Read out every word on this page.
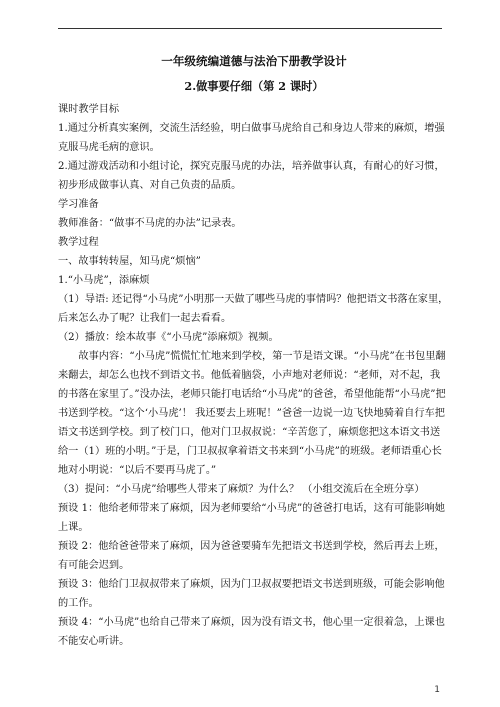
一年级统编道德与法治下册教学设计
2.做事要仔细（第 2 课时）
课时教学目标
1.通过分析真实案例，交流生活经验，明白做事马虎给自己和身边人带来的麻烦，增强克服马虎毛病的意识。
2.通过游戏活动和小组讨论，探究克服马虎的办法，培养做事认真，有耐心的好习惯，初步形成做事认真、对自己负责的品质。
学习准备
教师准备：“做事不马虎的办法”记录表。
教学过程
一、故事转转屋，知马虎“烦恼”
1.“小马虎”，添麻烦
（1）导语: 还记得“小马虎”小明那一天做了哪些马虎的事情吗？他把语文书落在家里，后来怎么办了呢？让我们一起去看看。
（2）播放：绘本故事《“小马虎”添麻烦》视频。
故事内容：“小马虎”慌慌忙忙地来到学校，第一节是语文课。“小马虎”在书包里翻来翻去，却怎么也找不到语文书。他低着脑袋，小声地对老师说：“老师，对不起，我的书落在家里了。”没办法，老师只能打电话给“小马虎”的爸爸，希望他能帮“小马虎”把书送到学校。“这个‘小马虎’！ 我还要去上班呢！”爸爸一边说一边飞快地骑着自行车把语文书送到学校。到了校门口，他对门卫叔叔说：“辛苦您了，麻烦您把这本语文书送给一（1）班的小明。”于是，门卫叔叔拿着语文书来到“小马虎”的班级。老师语重心长地对小明说：“以后不要再马虎了。”
（3）提问：“小马虎”给哪些人带来了麻烦？为什么？ （小组交流后在全班分享）
预设 1：他给老师带来了麻烦，因为老师要给“小马虎”的爸爸打电话，这有可能影响她上课。
预设 2：他给爸爸带来了麻烦，因为爸爸要骑车先把语文书送到学校，然后再去上班，有可能会迟到。
预设 3：他给门卫叔叔带来了麻烦，因为门卫叔叔要把语文书送到班级，可能会影响他的工作。
预设 4：“小马虎”也给自己带来了麻烦，因为没有语文书，他心里一定很着急，上课也不能安心听讲。
1
